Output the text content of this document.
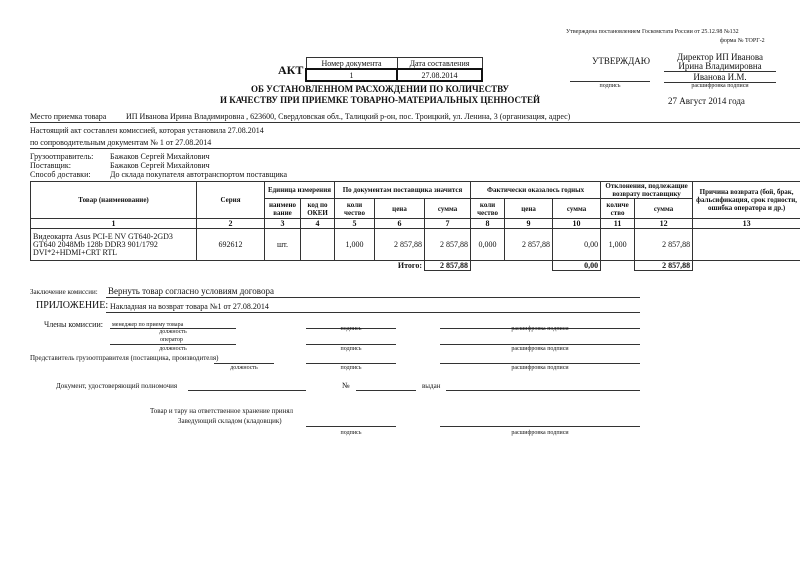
Утверждена постановлением Госкомстата России от 25.12.98 №132
форма № ТОРГ-2
АКТ Номер документа	Дата составления
1	27.08.2014
ОБ УСТАНОВЛЕННОМ РАСХОЖДЕНИИ ПО КОЛИЧЕСТВУ
И КАЧЕСТВУ ПРИ ПРИЕМКЕ ТОВАРНО-МАТЕРИАЛЬНЫХ ЦЕННОСТЕЙ
УТВЕРЖДАЮ	Директор ИП Иванова
Ирина Владимировна
подпись
Иванова И.М.
расшифровка подписи
27 Август 2014 года
Место приемка товара ИП Иванова Ирина Владимировна , 623600, Свердловская обл., Талицкий р-он, пос. Троицкий, ул. Ленина, 3 (организация, адрес)
Настоящий акт составлен комиссией, которая установила 27.08.2014
по сопроводительным документам № 1 от 27.08.2014
Грузоотправитель: Бажаков Сергей Михайлович
Поставщик:	Бажаков Сергей Михайлович
Способ доставки: До склада покупателя автотранспортом поставщика
Товар (наименование)	Серия	Единица измерения		По документам поставщика значится			Фактически оказалось годных			Отклонения, подлежащие возврату поставщику		Причина возврата (бой, брак, фальсификация, срок годности, ошибка оператора и др.)
		наимено вание	код по ОКЕИ	коли чество	цена	сумма	коли чество	цена	сумма	количе ство	сумма	
1	2	3	4	5	6	7	8	9	10	11	12	13
Видеокарта Asus PCI-E NV GT640-2GD3 GT640 2048Mb 128b DDR3 901/1792 DVI*2+HDMI+CRT RTL	692612	шт.		1,000	2 857,88	2 857,88	0,000	2 857,88	0,00	1,000	2 857,88	
				Итого:		2 857,88			0,00		2 857,88	
Заключение комиссии: Вернуть товар согласно условиям договора
ПРИЛОЖЕНИЕ: Накладная на возврат товара №1 от 27.08.2014
Члены комиссии: менеджер по приему товара
должность	подпись	расшифровка подписи
оператор
должность	подпись	расшифровка подписи
Представитель грузоотправителя (поставщика, производителя)
должность	подпись	расшифровка подписи
Документ, удостоверяющий полномочия	№	выдан
Товар и тару на ответственное хранение принял
Заведующий складом (кладовщик)
подпись	расшифровка подписи
